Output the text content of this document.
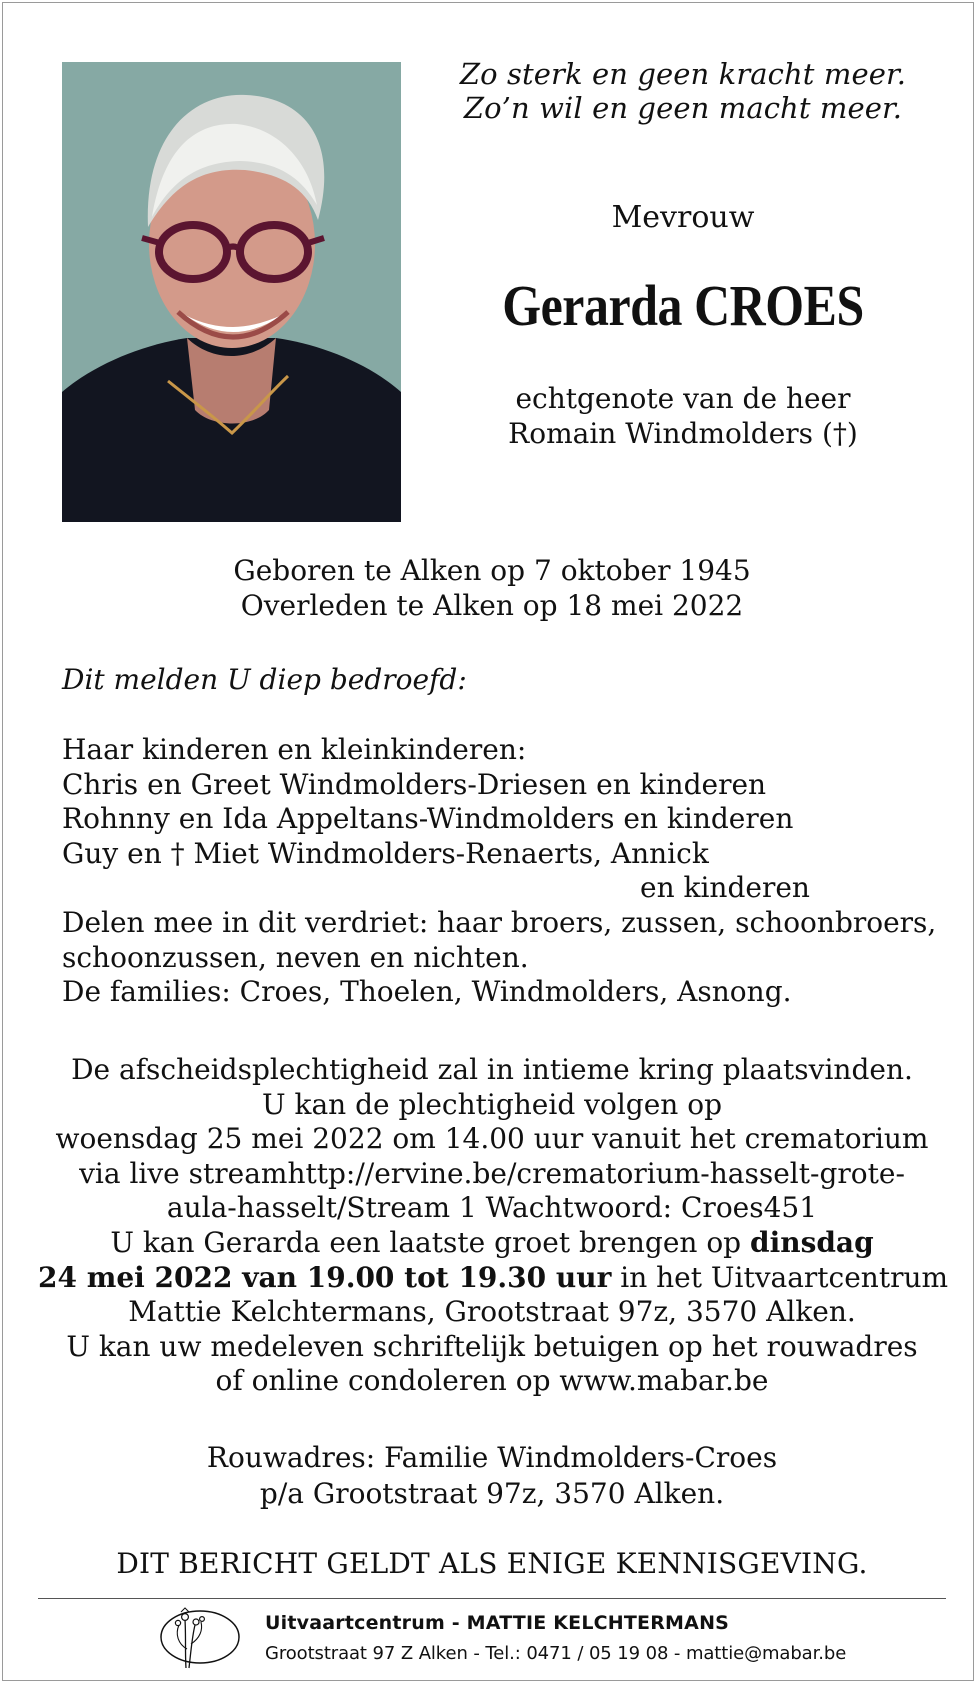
Zo sterk en geen kracht meer.
Zo’n wil en geen macht meer.
Mevrouw
Gerarda CROES
echtgenote van de heer
Romain Windmolders (†)
Geboren te Alken op 7 oktober 1945
Overleden te Alken op 18 mei 2022
Dit melden U diep bedroefd:
Haar kinderen en kleinkinderen:
Chris en Greet Windmolders-Driesen en kinderen
Rohnny en Ida Appeltans-Windmolders en kinderen
Guy en † Miet Windmolders-Renaerts, Annick
en kinderen
Delen mee in dit verdriet: haar broers, zussen, schoonbroers,
schoonzussen, neven en nichten.
De families: Croes, Thoelen, Windmolders, Asnong.
De afscheidsplechtigheid zal in intieme kring plaatsvinden.
U kan de plechtigheid volgen op
woensdag 25 mei 2022 om 14.00 uur vanuit het crematorium
via live streamhttp://ervine.be/crematorium-hasselt-grote-
aula-hasselt/Stream 1 Wachtwoord: Croes451
U kan Gerarda een laatste groet brengen op dinsdag
24 mei 2022 van 19.00 tot 19.30 uur in het Uitvaartcentrum
Mattie Kelchtermans, Grootstraat 97z, 3570 Alken.
U kan uw medeleven schriftelijk betuigen op het rouwadres
of online condoleren op www.mabar.be
Rouwadres: Familie Windmolders-Croes
p/a Grootstraat 97z, 3570 Alken.
DIT BERICHT GELDT ALS ENIGE KENNISGEVING.
Uitvaartcentrum - MATTIE KELCHTERMANS
Grootstraat 97 Z Alken - Tel.: 0471 / 05 19 08 - mattie@mabar.be
